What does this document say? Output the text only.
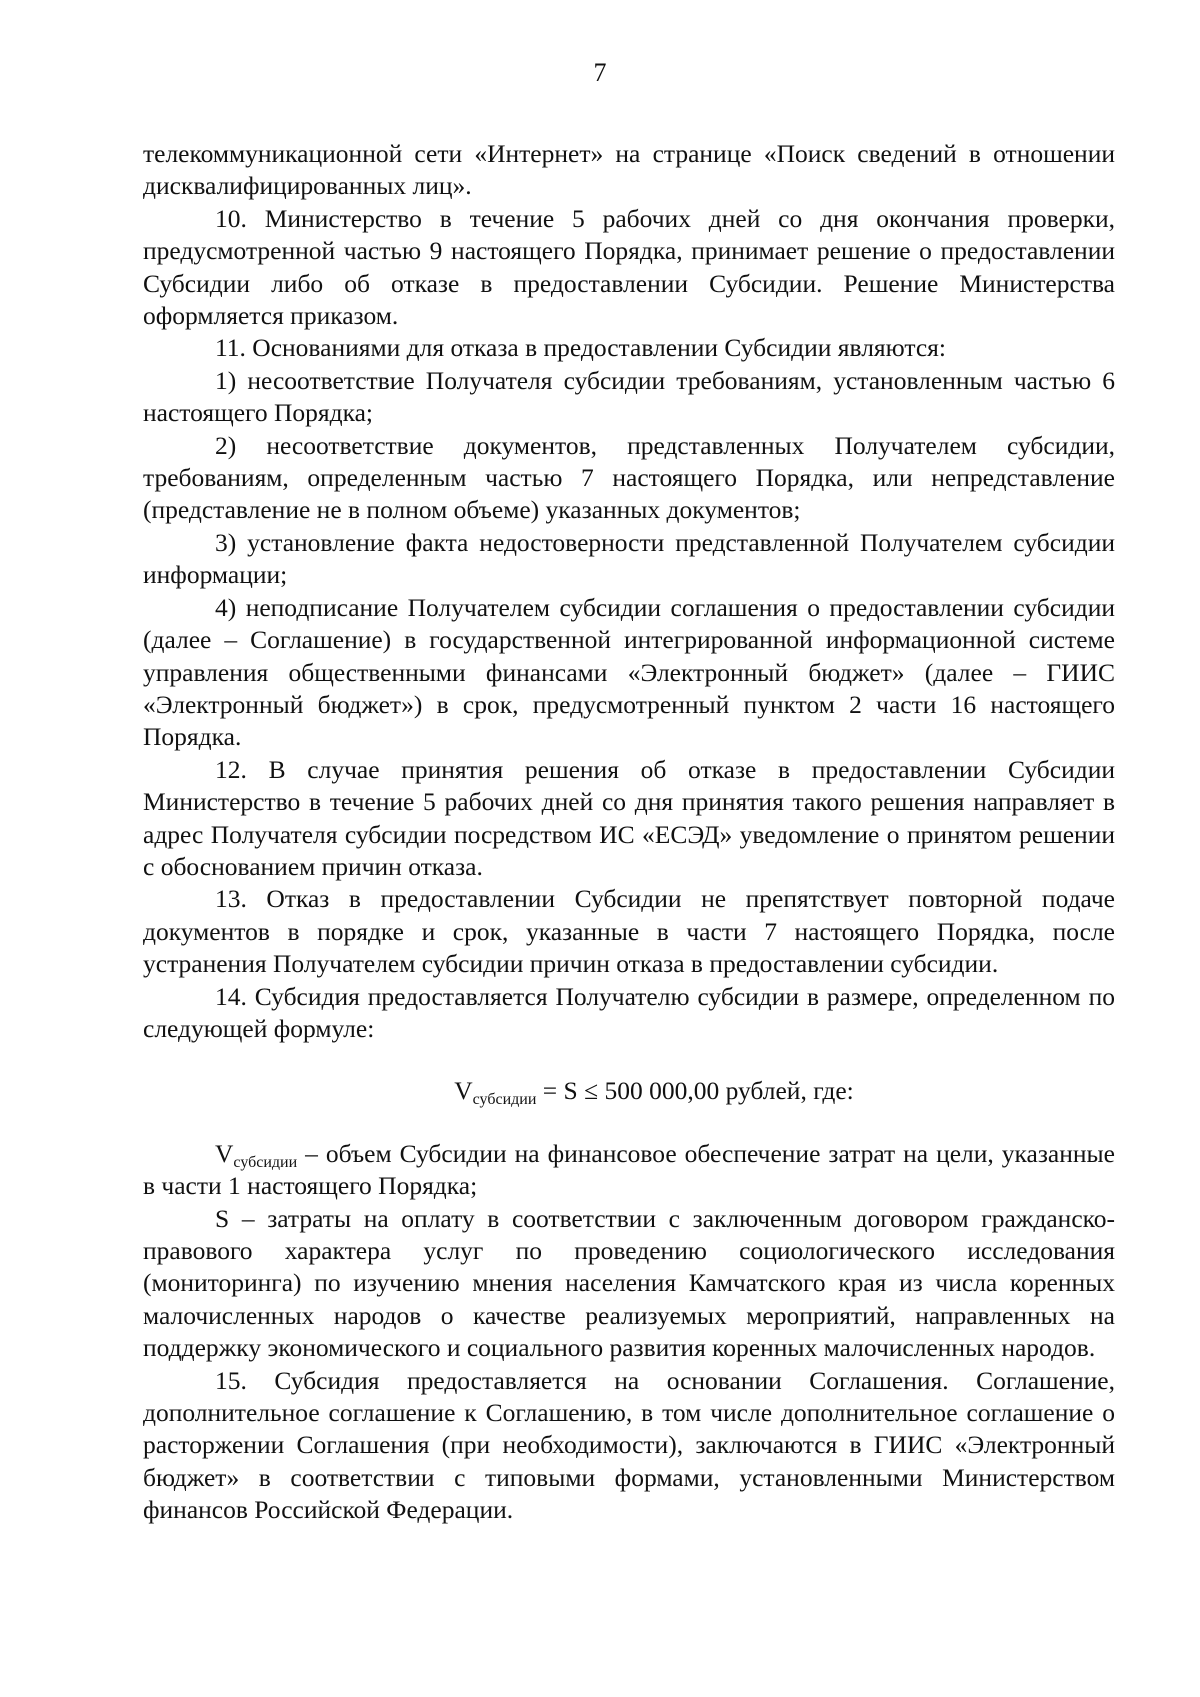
7

телекоммуникационной сети «Интернет» на странице «Поиск сведений в отношении дисквалифицированных лиц».

10. Министерство в течение 5 рабочих дней со дня окончания проверки, предусмотренной частью 9 настоящего Порядка, принимает решение о предоставлении Субсидии либо об отказе в предоставлении Субсидии. Решение Министерства оформляется приказом.

11. Основаниями для отказа в предоставлении Субсидии являются:

1) несоответствие Получателя субсидии требованиям, установленным частью 6 настоящего Порядка;

2) несоответствие документов, представленных Получателем субсидии, требованиям, определенным частью 7 настоящего Порядка, или непредставление (представление не в полном объеме) указанных документов;

3) установление факта недостоверности представленной Получателем субсидии информации;

4) неподписание Получателем субсидии соглашения о предоставлении субсидии (далее – Соглашение) в государственной интегрированной информационной системе управления общественными финансами «Электронный бюджет» (далее – ГИИС «Электронный бюджет») в срок, предусмотренный пунктом 2 части 16 настоящего Порядка.

12. В случае принятия решения об отказе в предоставлении Субсидии Министерство в течение 5 рабочих дней со дня принятия такого решения направляет в адрес Получателя субсидии посредством ИС «ЕСЭД» уведомление о принятом решении с обоснованием причин отказа.

13. Отказ в предоставлении Субсидии не препятствует повторной подаче документов в порядке и срок, указанные в части 7 настоящего Порядка, после устранения Получателем субсидии причин отказа в предоставлении субсидии.

14. Субсидия предоставляется Получателю субсидии в размере, определенном по следующей формуле:

$V_{субсидии} = S \le 500$ 000,00 рублей, где:

$V_{субсидии}$ – объем Субсидии на финансовое обеспечение затрат на цели, указанные в части 1 настоящего Порядка;

S – затраты на оплату в соответствии с заключенным договором гражданско-правового характера услуг по проведению социологического исследования (мониторинга) по изучению мнения населения Камчатского края из числа коренных малочисленных народов о качестве реализуемых мероприятий, направленных на поддержку экономического и социального развития коренных малочисленных народов.

15. Субсидия предоставляется на основании Соглашения. Соглашение, дополнительное соглашение к Соглашению, в том числе дополнительное соглашение о расторжении Соглашения (при необходимости), заключаются в ГИИС «Электронный бюджет» в соответствии с типовыми формами, установленными Министерством финансов Российской Федерации.
